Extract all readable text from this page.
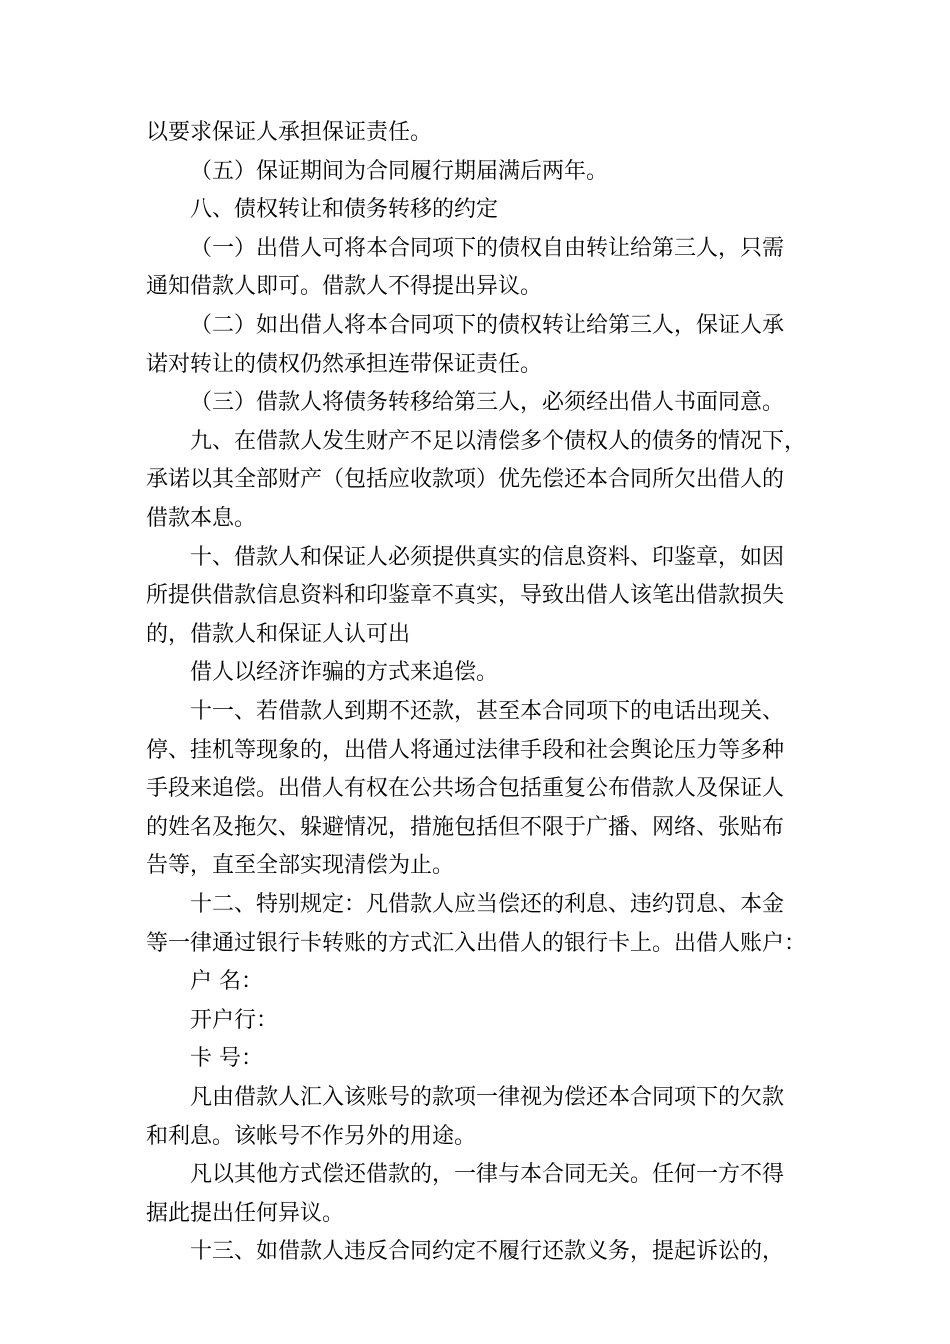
以要求保证人承担保证责任。
（五）保证期间为合同履行期届满后两年。
八、债权转让和债务转移的约定
（一）出借人可将本合同项下的债权自由转让给第三人，只需
通知借款人即可。借款人不得提出异议。
（二）如出借人将本合同项下的债权转让给第三人，保证人承
诺对转让的债权仍然承担连带保证责任。
（三）借款人将债务转移给第三人，必须经出借人书面同意。
九、在借款人发生财产不足以清偿多个债权人的债务的情况下，
承诺以其全部财产（包括应收款项）优先偿还本合同所欠出借人的
借款本息。
十、借款人和保证人必须提供真实的信息资料、印鉴章，如因
所提供借款信息资料和印鉴章不真实，导致出借人该笔出借款损失
的，借款人和保证人认可出
借人以经济诈骗的方式来追偿。
十一、若借款人到期不还款，甚至本合同项下的电话出现关、
停、挂机等现象的，出借人将通过法律手段和社会舆论压力等多种
手段来追偿。出借人有权在公共场合包括重复公布借款人及保证人
的姓名及拖欠、躲避情况，措施包括但不限于广播、网络、张贴布
告等，直至全部实现清偿为止。
十二、特别规定：凡借款人应当偿还的利息、违约罚息、本金
等一律通过银行卡转账的方式汇入出借人的银行卡上。出借人账户：
户 名：
开户行：
卡 号：
凡由借款人汇入该账号的款项一律视为偿还本合同项下的欠款
和利息。该帐号不作另外的用途。
凡以其他方式偿还借款的，一律与本合同无关。任何一方不得
据此提出任何异议。
十三、如借款人违反合同约定不履行还款义务，提起诉讼的，
